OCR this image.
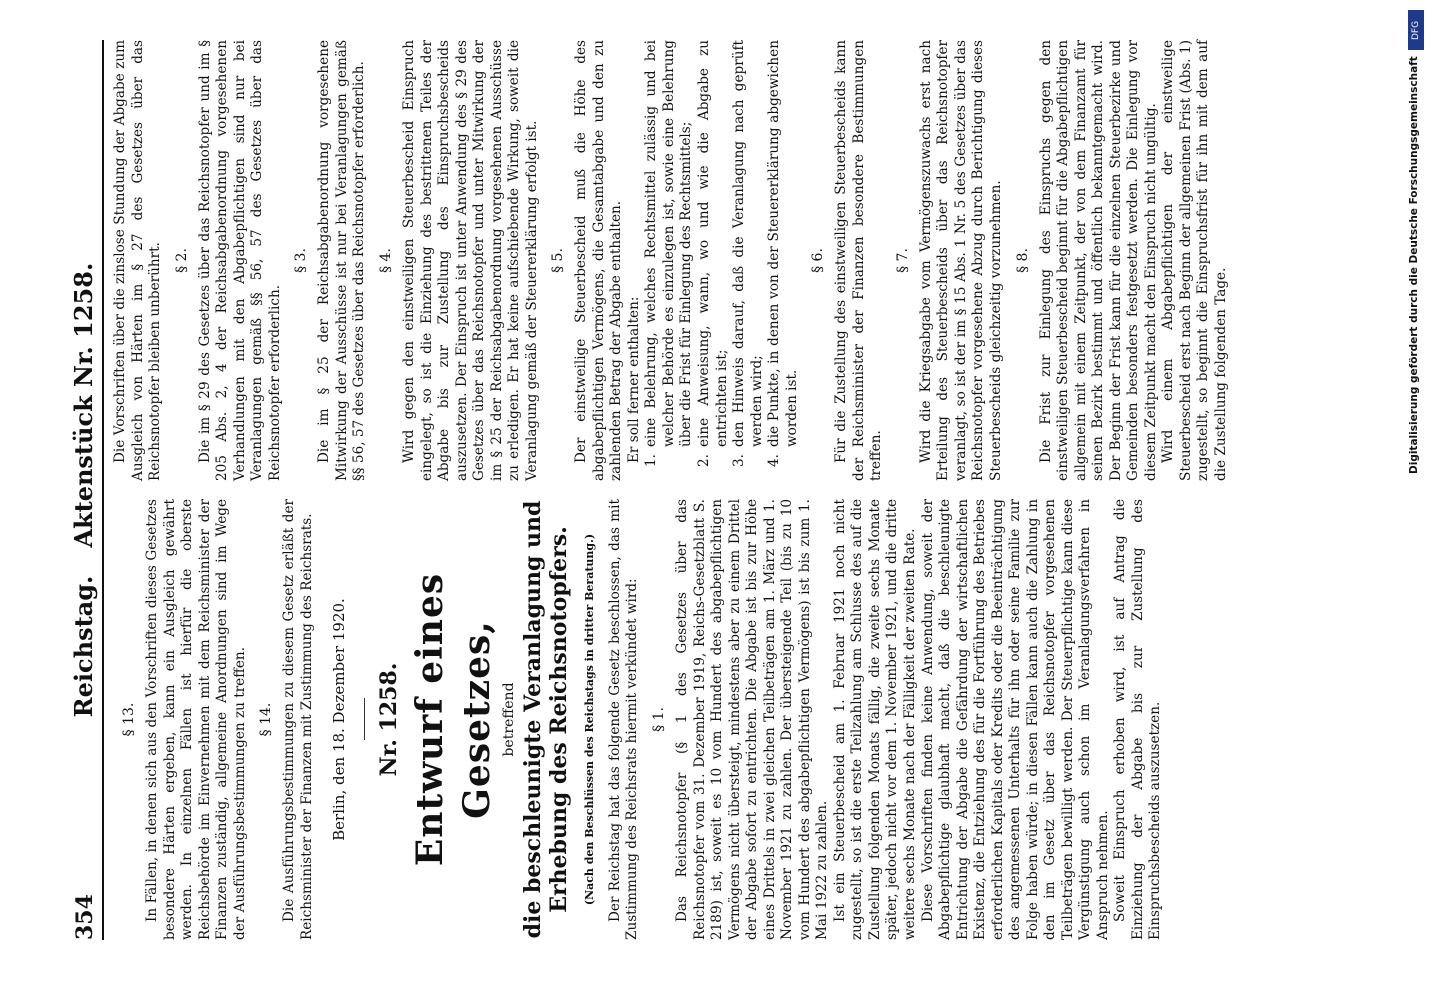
354
Reichstag.Aktenstück Nr. 1258.
§ 13. In Fällen, in denen sich aus den Vorschriften dieses Gesetzes besondere Härten ergeben, kann ein Ausgleich gewährt werden. In einzelnen Fällen ist hierfür die oberste Reichsbehörde im Einvernehmen mit dem Reichsminister der Finanzen zuständig, allgemeine Anordnungen sind im Wege der Ausführungsbestimmungen zu treffen. § 14. Die Ausführungsbestimmungen zu diesem Gesetz erläßt der Reichsminister der Finanzen mit Zustimmung des Reichsrats. Berlin, den 18. Dezember 1920. Nr. 1258. Entwurf eines Gesetzes, betreffend die beschleunigte Veranlagung und Erhebung des Reichsnotopfers. (Nach den Beschlüssen des Reichstags in dritter Beratung.) Der Reichstag hat das folgende Gesetz beschlossen, das mit Zustimmung des Reichsrats hiermit verkündet wird: § 1. Das Reichsnotopfer (§ 1 des Gesetzes über das Reichsnotopfer vom 31. Dezember 1919, Reichs-Gesetzblatt S. 2189) ist, soweit es 10 vom Hundert des abgabepflichtigen Vermögens nicht übersteigt, mindestens aber zu einem Drittel der Abgabe sofort zu entrichten. Die Abgabe ist bis zur Höhe eines Drittels in zwei gleichen Teilbeträgen am 1. März und 1. November 1921 zu zahlen. Der übersteigende Teil (bis zu 10 vom Hundert des abgabepflichtigen Vermögens) ist bis zum 1. Mai 1922 zu zahlen. Ist ein Steuerbescheid am 1. Februar 1921 noch nicht zugestellt, so ist die erste Teilzahlung am Schlusse des auf die Zustellung folgenden Monats fällig, die zweite sechs Monate später, jedoch nicht vor dem 1. November 1921, und die dritte weitere sechs Monate nach der Fälligkeit der zweiten Rate. Diese Vorschriften finden keine Anwendung, soweit der Abgabepflichtige glaubhaft macht, daß die beschleunigte Entrichtung der Abgabe die Gefährdung der wirtschaftlichen Existenz, die Entziehung des für die Fortführung des Betriebes erforderlichen Kapitals oder Kredits oder die Beeinträchtigung des angemessenen Unterhalts für ihn oder seine Familie zur Folge haben würde; in diesen Fällen kann auch die Zahlung in den im Gesetz über das Reichsnotopfer vorgesehenen Teilbeträgen bewilligt werden. Der Steuerpflichtige kann diese Vergünstigung auch schon im Veranlagungsverfahren in Anspruch nehmen. Soweit Einspruch erhoben wird, ist auf Antrag die Einziehung der Abgabe bis zur Zustellung des Einspruchsbescheids auszusetzen.

Die Vorschriften über die zinslose Stundung der Abgabe zum Ausgleich von Härten im § 27 des Gesetzes über das Reichsnotopfer bleiben unberührt. § 2. Die im § 29 des Gesetzes über das Reichsnotopfer und im § 205 Abs. 2, 4 der Reichsabgabenordnung vorgesehenen Verhandlungen mit den Abgabepflichtigen sind nur bei Veranlagungen gemäß §§ 56, 57 des Gesetzes über das Reichsnotopfer erforderlich.

§ 3. Die im § 25 der Reichsabgabenordnung vorgesehene Mitwirkung der Ausschüsse ist nur bei Veranlagungen gemäß §§ 56, 57 des Gesetzes über das Reichsnotopfer erforderlich. § 4. Wird gegen den einstweiligen Steuerbescheid Einspruch eingelegt, so ist die Einziehung des bestrittenen Teiles der Abgabe bis zur Zustellung des Einspruchsbescheids auszusetzen. Der Einspruch ist unter Anwendung des § 29 des Gesetzes über das Reichsnotopfer und unter Mitwirkung der im § 25 der Reichsabgabenordnung vorgesehenen Ausschüsse zu erledigen. Er hat keine aufschiebende Wirkung, soweit die Veranlagung gemäß der Steuererklärung erfolgt ist. § 5. Der einstweilige Steuerbescheid muß die Höhe des abgabepflichtigen Vermögens, die Gesamtabgabe und den zu zahlenden Betrag der Abgabe enthalten. Er soll ferner enthalten: 1.
eine Belehrung, welches Rechtsmittel zulässig und bei welcher Behörde es einzulegen ist, sowie eine Belehrung über die Frist für Einlegung des Rechtsmittels;
2.
eine Anweisung, wann, wo und wie die Abgabe zu entrichten ist;
3.
den Hinweis darauf, daß die Veranlagung nach geprüft werden wird;
4.
die Punkte, in denen von der Steuererklärung abgewichen worden ist.
§ 6. Für die Zustellung des einstweiligen Steuerbescheids kann der Reichsminister der Finanzen besondere Bestimmungen treffen.

§ 7. Wird die Kriegsabgabe vom Vermögenszuwachs erst nach Erteilung des Steuerbescheids über das Reichsnotopfer veranlagt, so ist der im § 15 Abs. 1 Nr. 5 des Gesetzes über das Reichsnotopfer vorgesehene Abzug durch Berichtigung dieses Steuerbescheids gleichzeitig vorzunehmen. § 8. Die Frist zur Einlegung des Einspruchs gegen den einstweiligen Steuerbescheid beginnt für die Abgabepflichtigen allgemein mit einem Zeitpunkt, der von dem Finanzamt für seinen Bezirk bestimmt und öffentlich bekanntgemacht wird. Der Beginn der Frist kann für die einzelnen Steuerbezirke und Gemeinden besonders festgesetzt werden. Die Einlegung vor diesem Zeitpunkt macht den Einspruch nicht ungültig. Wird einem Abgabepflichtigen der einstweilige Steuerbescheid erst nach Beginn der allgemeinen Frist (Abs. 1) zugestellt, so beginnt die Einspruchsfrist für ihn mit dem auf die Zustellung folgenden Tage.

DFG
Digitalisierung gefördert durch die Deutsche Forschungsgemeinschaft
